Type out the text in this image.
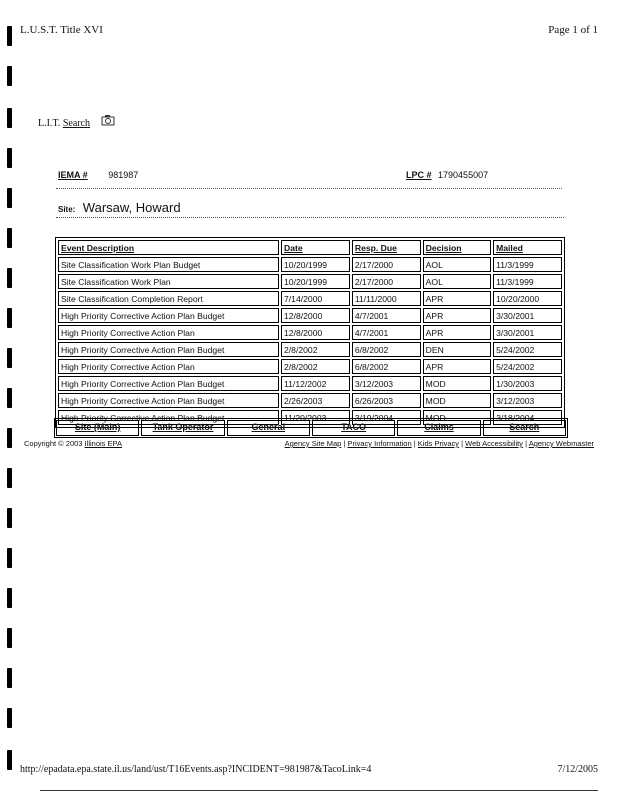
L.U.S.T. Title XVI	Page 1 of 1
L.I.T. Search
IEMA # 981987	LPC # 1790455007
Site: Warsaw, Howard
Event Description	Date	Resp. Due	Decision	Mailed
Site Classification Work Plan Budget	10/20/1999	2/17/2000	AOL	11/3/1999
Site Classification Work Plan	10/20/1999	2/17/2000	AOL	11/3/1999
Site Classification Completion Report	7/14/2000	11/11/2000	APR	10/20/2000
High Priority Corrective Action Plan Budget	12/8/2000	4/7/2001	APR	3/30/2001
High Priority Corrective Action Plan	12/8/2000	4/7/2001	APR	3/30/2001
High Priority Corrective Action Plan Budget	2/8/2002	6/8/2002	DEN	5/24/2002
High Priority Corrective Action Plan	2/8/2002	6/8/2002	APR	5/24/2002
High Priority Corrective Action Plan Budget	11/12/2002	3/12/2003	MOD	1/30/2003
High Priority Corrective Action Plan Budget	2/26/2003	6/26/2003	MOD	3/12/2003
High Priority Corrective Action Plan Budget	11/20/2003	3/19/2004	MOD	3/18/2004
Site (Main)	Tank Operator	General	TACO	Claims	Search
Copyright © 2003 Illinois EPA	Agency Site Map | Privacy Information | Kids Privacy | Web Accessibility | Agency Webmaster
http://epadata.epa.state.il.us/land/ust/T16Events.asp?INCIDENT=981987&TacoLink=4	7/12/2005
